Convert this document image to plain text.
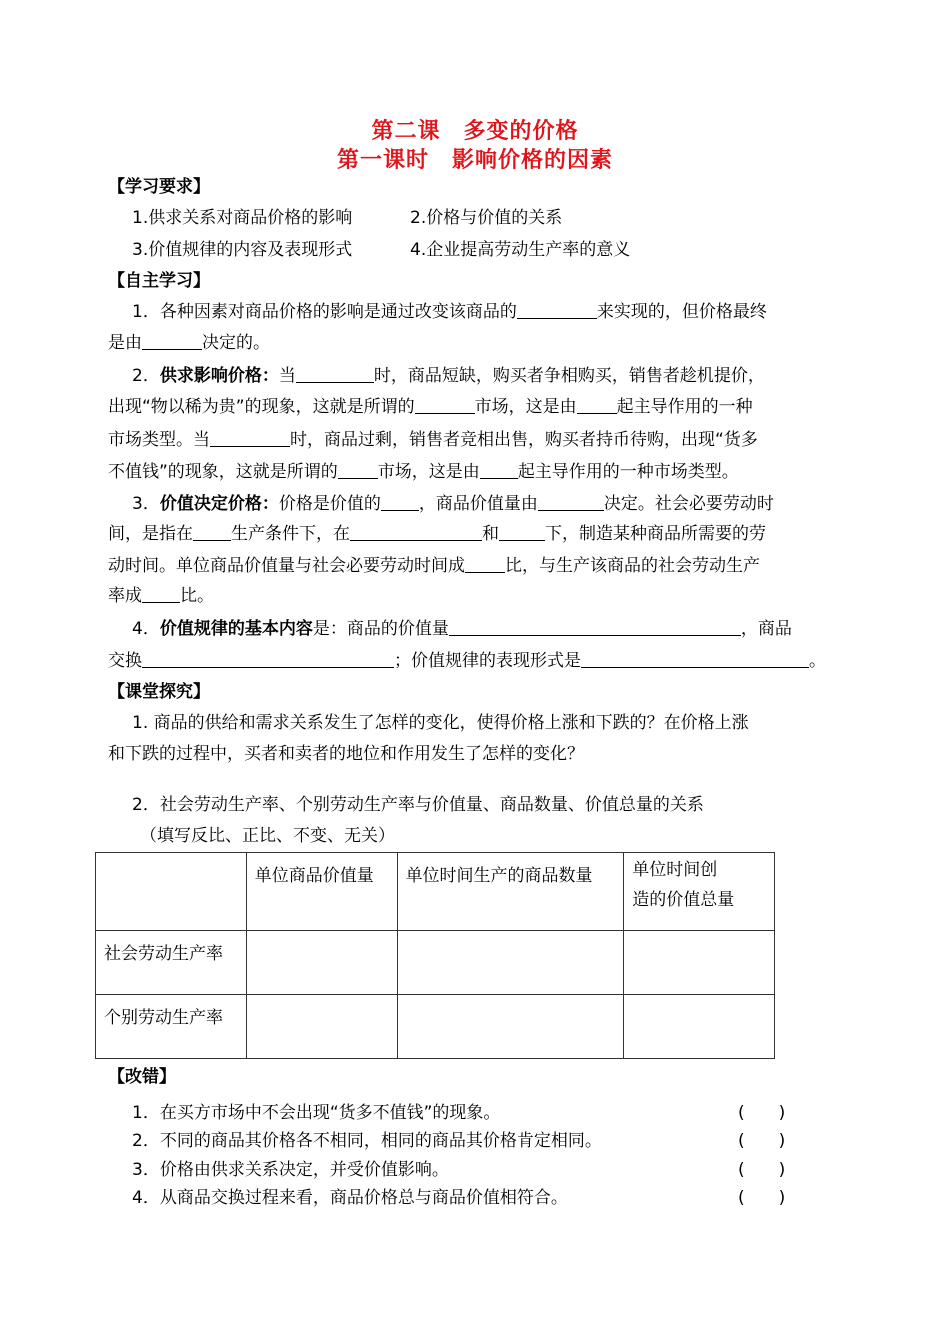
第二课　多变的价格
第一课时　影响价格的因素
【学习要求】
1.供求关系对商品价格的影响	2.价格与价值的关系
3.价值规律的内容及表现形式	4.企业提高劳动生产率的意义
【自主学习】
1．各种因素对商品价格的影响是通过改变该商品的	来实现的，但价格最终
是由	决定的。
2．供求影响价格：当	时，商品短缺，购买者争相购买，销售者趁机提价，
出现“物以稀为贵”的现象，这就是所谓的	市场，这是由 起主导作用的一种
市场类型。当	时，商品过剩，销售者竞相出售，购买者持币待购，出现“货多
不值钱”的现象，这就是所谓的 市场，这是由 起主导作用的一种市场类型。
3．价值决定价格：价格是价值的 ，商品价值量由	决定。社会必要劳动时
间，是指在 生产条件下，在	和	下，制造某种商品所需要的劳
动时间。单位商品价值量与社会必要劳动时间成 比，与生产该商品的社会劳动生产
率成 比。
4．价值规律的基本内容是：商品的价值量	，商品
交换	；价值规律的表现形式是	。
【课堂探究】
1. 商品的供给和需求关系发生了怎样的变化，使得价格上涨和下跌的？在价格上涨
和下跌的过程中，买者和卖者的地位和作用发生了怎样的变化？
2．社会劳动生产率、个别劳动生产率与价值量、商品数量、价值总量的关系
（填写反比、正比、不变、无关）
	单位商品价值量	单位时间生产的商品数量	单位时间创
造的价值总量

社会劳动生产率			
个别劳动生产率			
【改错】
1．在买方市场中不会出现“货多不值钱”的现象。	(　　)
2．不同的商品其价格各不相同，相同的商品其价格肯定相同。	(　　)
3．价格由供求关系决定，并受价值影响。	(　　)
4．从商品交换过程来看，商品价格总与商品价值相符合。	(　　)
